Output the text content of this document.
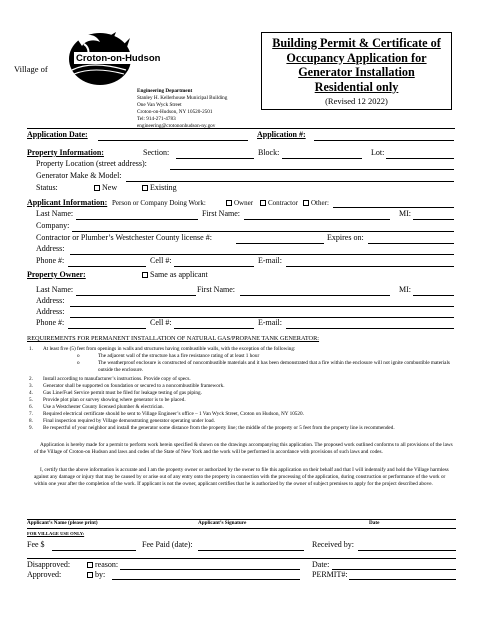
Village of
Croton-on-Hudson
Engineering Department
Stanley H. Kellerhouse Municipal Building
One Van Wyck Street
Croton-on-Hudson, NY 10520-2501
Tel: 914-271-4783
engineering@crotononhudson-ny.gov
Building Permit & Certificate of
Occupancy Application for
Generator Installation
Residential only
(Revised 12 2022)
Application Date:	Application #:
Property Information:	Section:	Block:	Lot:
Property Location (street address):
Generator Make & Model:
Status:	New	Existing
Applicant Information: Person or Company Doing Work:	Owner	Contractor	Other:
Last Name:	First Name:	MI:
Company:
Contractor or Plumber’s Westchester County license #:	Expires on:
Address:
Phone #:	Cell #:	E-mail:
Property Owner:	Same as applicant
Last Name:	First Name:	MI:
Address:
Address:
Phone #:	Cell #:	E-mail:
REQUIREMENTS FOR PERMANENT INSTALLATION OF NATURAL GAS/PROPANE TANK GENERATOR:
1. At least five (5) feet from openings in walls and structures having combustible walls, with the exception of the following:
o	The adjacent wall of the structure has a fire resistance rating of at least 1 hour
o	The weatherproof enclosure is constructed of noncombustible materials and it has been demonstrated that a fire within the enclosure will not ignite combustible materials outside the enclosure.
2. Install according to manufacturer’s instructions. Provide copy of specs.
3. Generator shall be supported on foundation or secured to a noncombustible framework.
4. Gas Line/Fuel Service permit must be filed for leakage testing of gas piping.
5. Provide plot plan or survey showing where generator is to be placed.
6. Use a Westchester County licensed plumber & electrician.
7. Required electrical certificate should be sent to Village Engineer’s office – 1 Van Wyck Street, Croton on Hudson, NY 10520.
8. Final inspection required by Village demonstrating generator operating under load.
9. Be respectful of your neighbor and install the generator some distance from the property line; the middle of the property or 5 feet from the property line is recommended.
Application is hereby made for a permit to perform work herein specified & shown on the drawings accompanying this application. The proposed work outlined conforms to all provisions of the laws of the Village of Croton-on Hudson and laws and codes of the State of New York and the work will be performed in accordance with provisions of such laws and codes.
I, certify that the above information is accurate and I am the property owner or authorized by the owner to file this application on their behalf and that I will indemnify and hold the Village harmless against any damage or injury that may be caused by or arise out of any entry onto the property in connection with the processing of the application, during construction or performance of the work or within one year after the completion of the work. If applicant is not the owner, applicant certifies that he is authorized by the owner of subject premises to apply for the project described above.
Applicant’s Name (please print)	Applicant’s Signature	Date
FOR VILLAGE USE ONLY:
Fee $	Fee Paid (date):	Received by:
Disapproved:	reason:	Date:
Approved:	by:	PERMIT#:
